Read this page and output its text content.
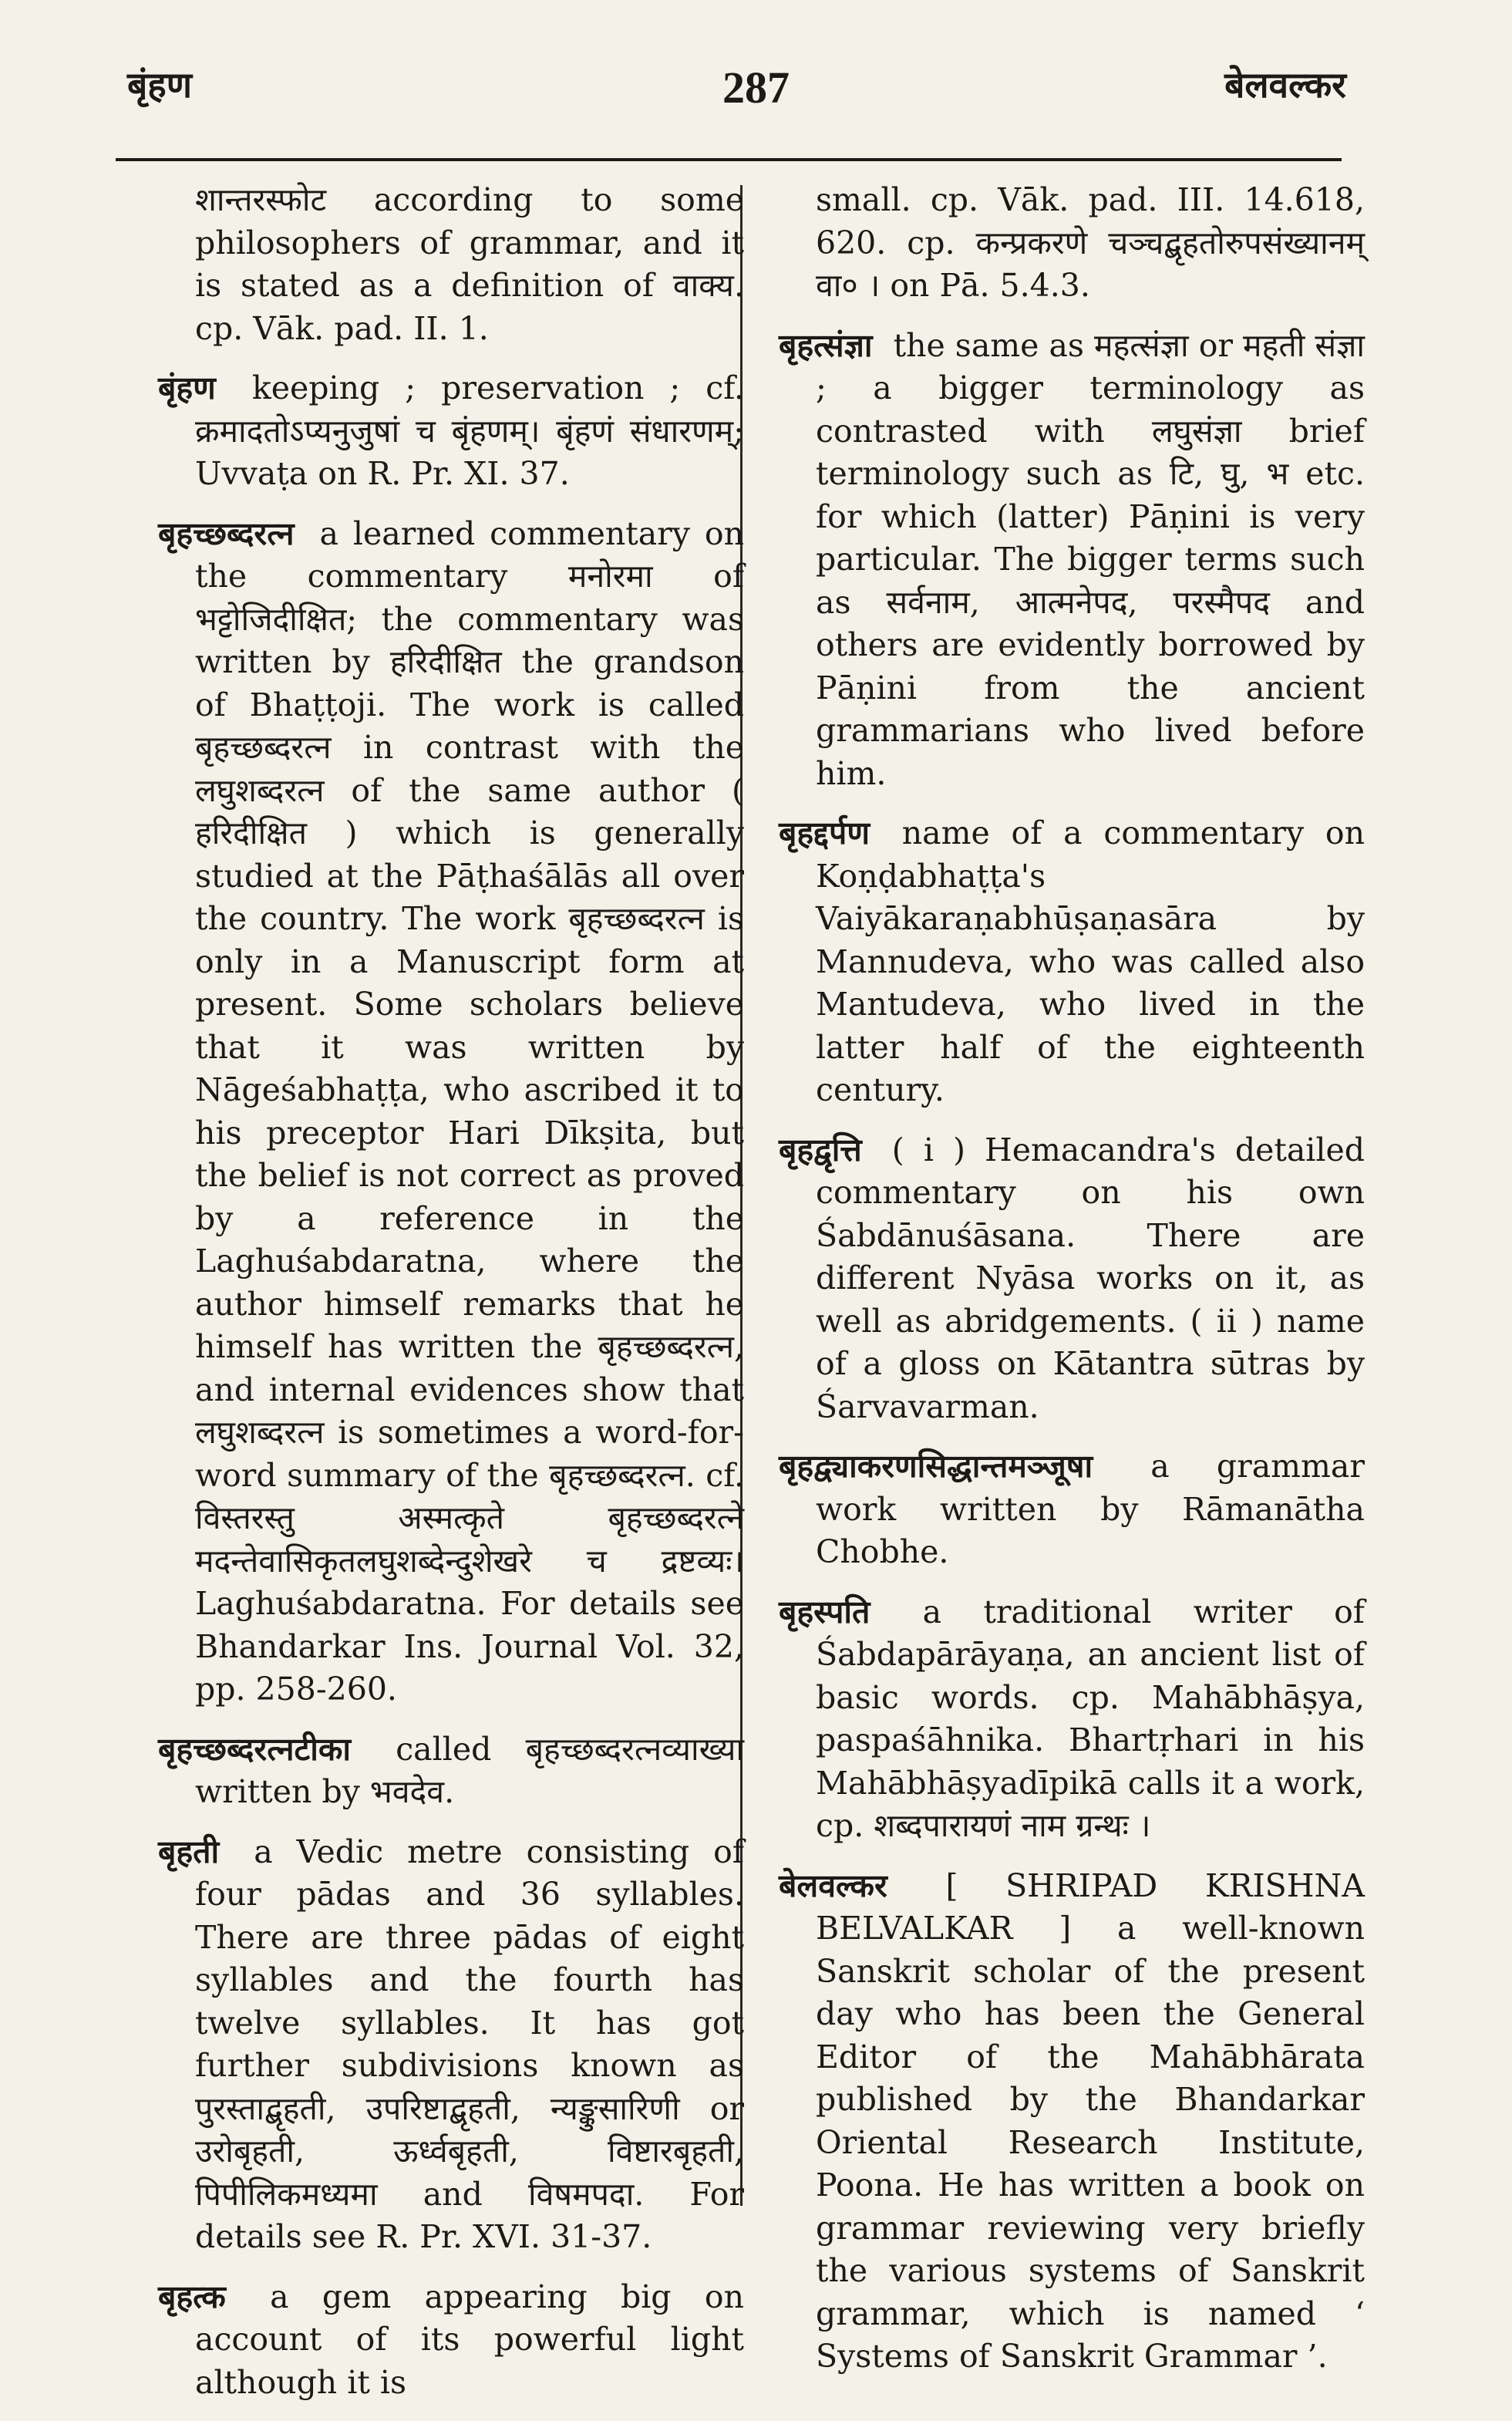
बृंहण	287	बेलवल्कर

शान्तरस्फोट according to some philosophers of grammar, and it is stated as a definition of वाक्य. cp. Vāk. pad. II. 1.

बृंहण keeping ; preservation ; cf. क्रमादतोऽप्यनुजुषां च बृंहणम्। बृंहणं संधारणम्; Uvvaṭa on R. Pr. XI. 37.

बृहच्छब्दरत्न a learned commentary on the commentary मनोरमा of भट्टोजिदीक्षित; the commentary was written by हरिदीक्षित the grandson of Bhaṭṭoji. The work is called बृहच्छब्दरत्न in contrast with the लघुशब्दरत्न of the same author ( हरिदीक्षित ) which is generally studied at the Pāṭhaśālās all over the country. The work बृहच्छब्दरत्न is only in a Manuscript form at present. Some scholars believe that it was written by Nāgeśabhaṭṭa, who ascribed it to his preceptor Hari Dīkṣita, but the belief is not correct as proved by a reference in the Laghuśabdaratna, where the author himself remarks that he himself has written the बृहच्छब्दरत्न, and internal evidences show that लघुशब्दरत्न is sometimes a word-for-word summary of the बृहच्छब्दरत्न. cf. विस्तरस्तु अस्मत्कृते बृहच्छब्दरत्ने मदन्तेवासिकृतलघुशब्देन्दुशेखरे च द्रष्टव्यः। Laghuśabdaratna. For details see Bhandarkar Ins. Journal Vol. 32, pp. 258-260.

बृहच्छब्दरत्नटीका called बृहच्छब्दरत्नव्याख्या written by भवदेव.

बृहती a Vedic metre consisting of four pādas and 36 syllables. There are three pādas of eight syllables and the fourth has twelve syllables. It has got further subdivisions known as पुरस्ताद्बृहती, उपरिष्टाद्बृहती, न्यङ्कुसारिणी or उरोबृहती, ऊर्ध्वबृहती, विष्टारबृहती, पिपीलिकमध्यमा and विषमपदा. For details see R. Pr. XVI. 31-37.

बृहत्क a gem appearing big on account of its powerful light although it is

small. cp. Vāk. pad. III. 14.618, 620. cp. कन्प्रकरणे चञ्चद्बृहतोरुपसंख्यानम् वा० । on Pā. 5.4.3.

बृहत्संज्ञा the same as महत्संज्ञा or महती संज्ञा ; a bigger terminology as contrasted with लघुसंज्ञा brief terminology such as टि, घु, भ etc. for which (latter) Pāṇini is very particular. The bigger terms such as सर्वनाम, आत्मनेपद, परस्मैपद and others are evidently borrowed by Pāṇini from the ancient grammarians who lived before him.

बृहद्दर्पण name of a commentary on Koṇḍabhaṭṭa's Vaiyākaraṇabhūṣaṇasāra by Mannudeva, who was called also Mantudeva, who lived in the latter half of the eighteenth century.

बृहद्वृत्ति ( i ) Hemacandra's detailed commentary on his own Śabdānuśāsana. There are different Nyāsa works on it, as well as abridgements. ( ii ) name of a gloss on Kātantra sūtras by Śarvavarman.

बृहद्व्याकरणसिद्धान्तमञ्जूषा a grammar work written by Rāmanātha Chobhe.

बृहस्पति a traditional writer of Śabdapārāyaṇa, an ancient list of basic words. cp. Mahābhāṣya, paspaśāhnika. Bhartṛhari in his Mahābhāṣyadīpikā calls it a work, cp. शब्दपारायणं नाम ग्रन्थः ।

बेलवल्कर [ SHRIPAD KRISHNA BELVALKAR ] a well-known Sanskrit scholar of the present day who has been the General Editor of the Mahābhārata published by the Bhandarkar Oriental Research Institute, Poona. He has written a book on grammar reviewing very briefly the various systems of Sanskrit grammar, which is named ‘ Systems of Sanskrit Grammar ’.
